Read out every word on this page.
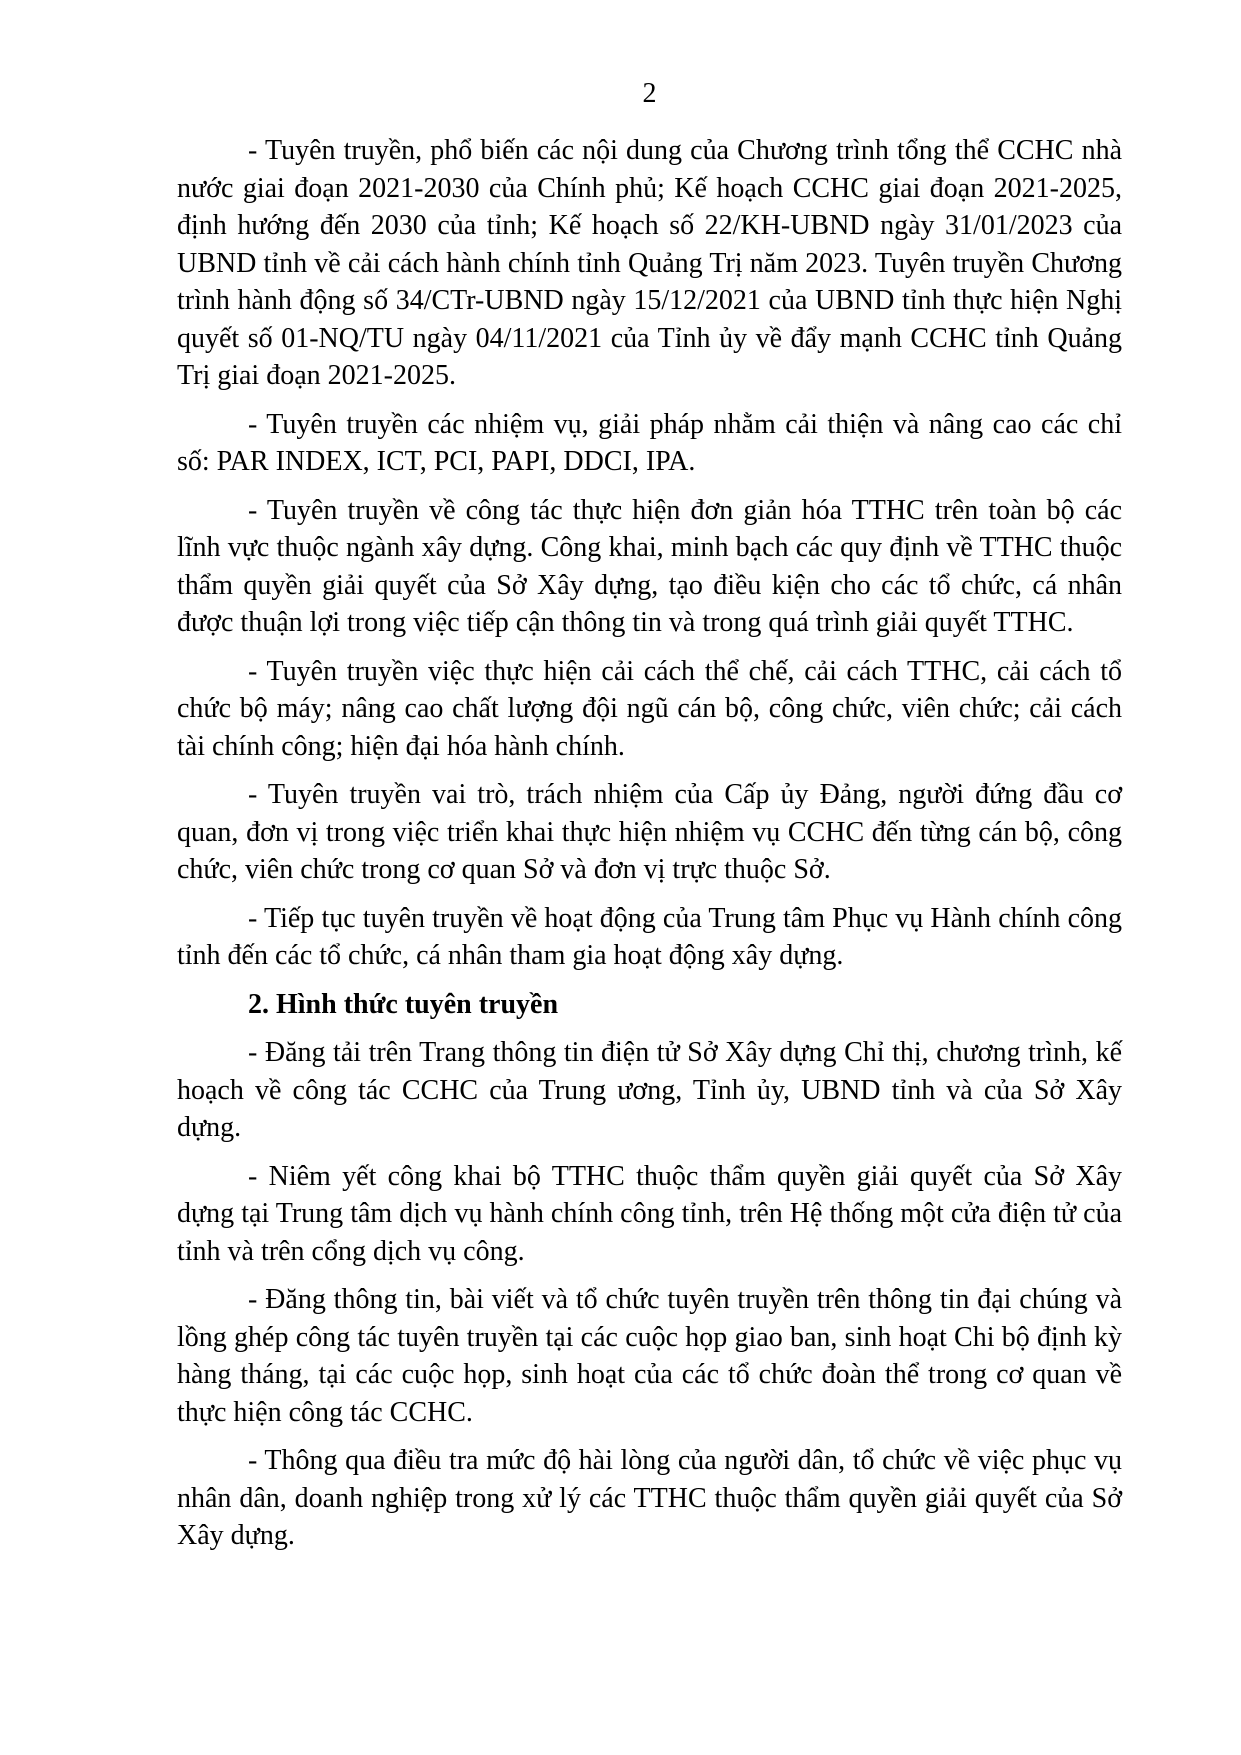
2

- Tuyên truyền, phổ biến các nội dung của Chương trình tổng thể CCHC nhà nước giai đoạn 2021-2030 của Chính phủ; Kế hoạch CCHC giai đoạn 2021-2025, định hướng đến 2030 của tỉnh; Kế hoạch số 22/KH-UBND ngày 31/01/2023 của UBND tỉnh về cải cách hành chính tỉnh Quảng Trị năm 2023. Tuyên truyền Chương trình hành động số 34/CTr-UBND ngày 15/12/2021 của UBND tỉnh thực hiện Nghị quyết số 01-NQ/TU ngày 04/11/2021 của Tỉnh ủy về đẩy mạnh CCHC tỉnh Quảng Trị giai đoạn 2021-2025.

- Tuyên truyền các nhiệm vụ, giải pháp nhằm cải thiện và nâng cao các chỉ số: PAR INDEX, ICT, PCI, PAPI, DDCI, IPA.

- Tuyên truyền về công tác thực hiện đơn giản hóa TTHC trên toàn bộ các lĩnh vực thuộc ngành xây dựng. Công khai, minh bạch các quy định về TTHC thuộc thẩm quyền giải quyết của Sở Xây dựng, tạo điều kiện cho các tổ chức, cá nhân được thuận lợi trong việc tiếp cận thông tin và trong quá trình giải quyết TTHC.

- Tuyên truyền việc thực hiện cải cách thể chế, cải cách TTHC, cải cách tổ chức bộ máy; nâng cao chất lượng đội ngũ cán bộ, công chức, viên chức; cải cách tài chính công; hiện đại hóa hành chính.

- Tuyên truyền vai trò, trách nhiệm của Cấp ủy Đảng, người đứng đầu cơ quan, đơn vị trong việc triển khai thực hiện nhiệm vụ CCHC đến từng cán bộ, công chức, viên chức trong cơ quan Sở và đơn vị trực thuộc Sở.

- Tiếp tục tuyên truyền về hoạt động của Trung tâm Phục vụ Hành chính công tỉnh đến các tổ chức, cá nhân tham gia hoạt động xây dựng.

2. Hình thức tuyên truyền

- Đăng tải trên Trang thông tin điện tử Sở Xây dựng Chỉ thị, chương trình, kế hoạch về công tác CCHC của Trung ương, Tỉnh ủy, UBND tỉnh và của Sở Xây dựng.

- Niêm yết công khai bộ TTHC thuộc thẩm quyền giải quyết của Sở Xây dựng tại Trung tâm dịch vụ hành chính công tỉnh, trên Hệ thống một cửa điện tử của tỉnh và trên cổng dịch vụ công.

- Đăng thông tin, bài viết và tổ chức tuyên truyền trên thông tin đại chúng và lồng ghép công tác tuyên truyền tại các cuộc họp giao ban, sinh hoạt Chi bộ định kỳ hàng tháng, tại các cuộc họp, sinh hoạt của các tổ chức đoàn thể trong cơ quan về thực hiện công tác CCHC.

- Thông qua điều tra mức độ hài lòng của người dân, tổ chức về việc phục vụ nhân dân, doanh nghiệp trong xử lý các TTHC thuộc thẩm quyền giải quyết của Sở Xây dựng.
